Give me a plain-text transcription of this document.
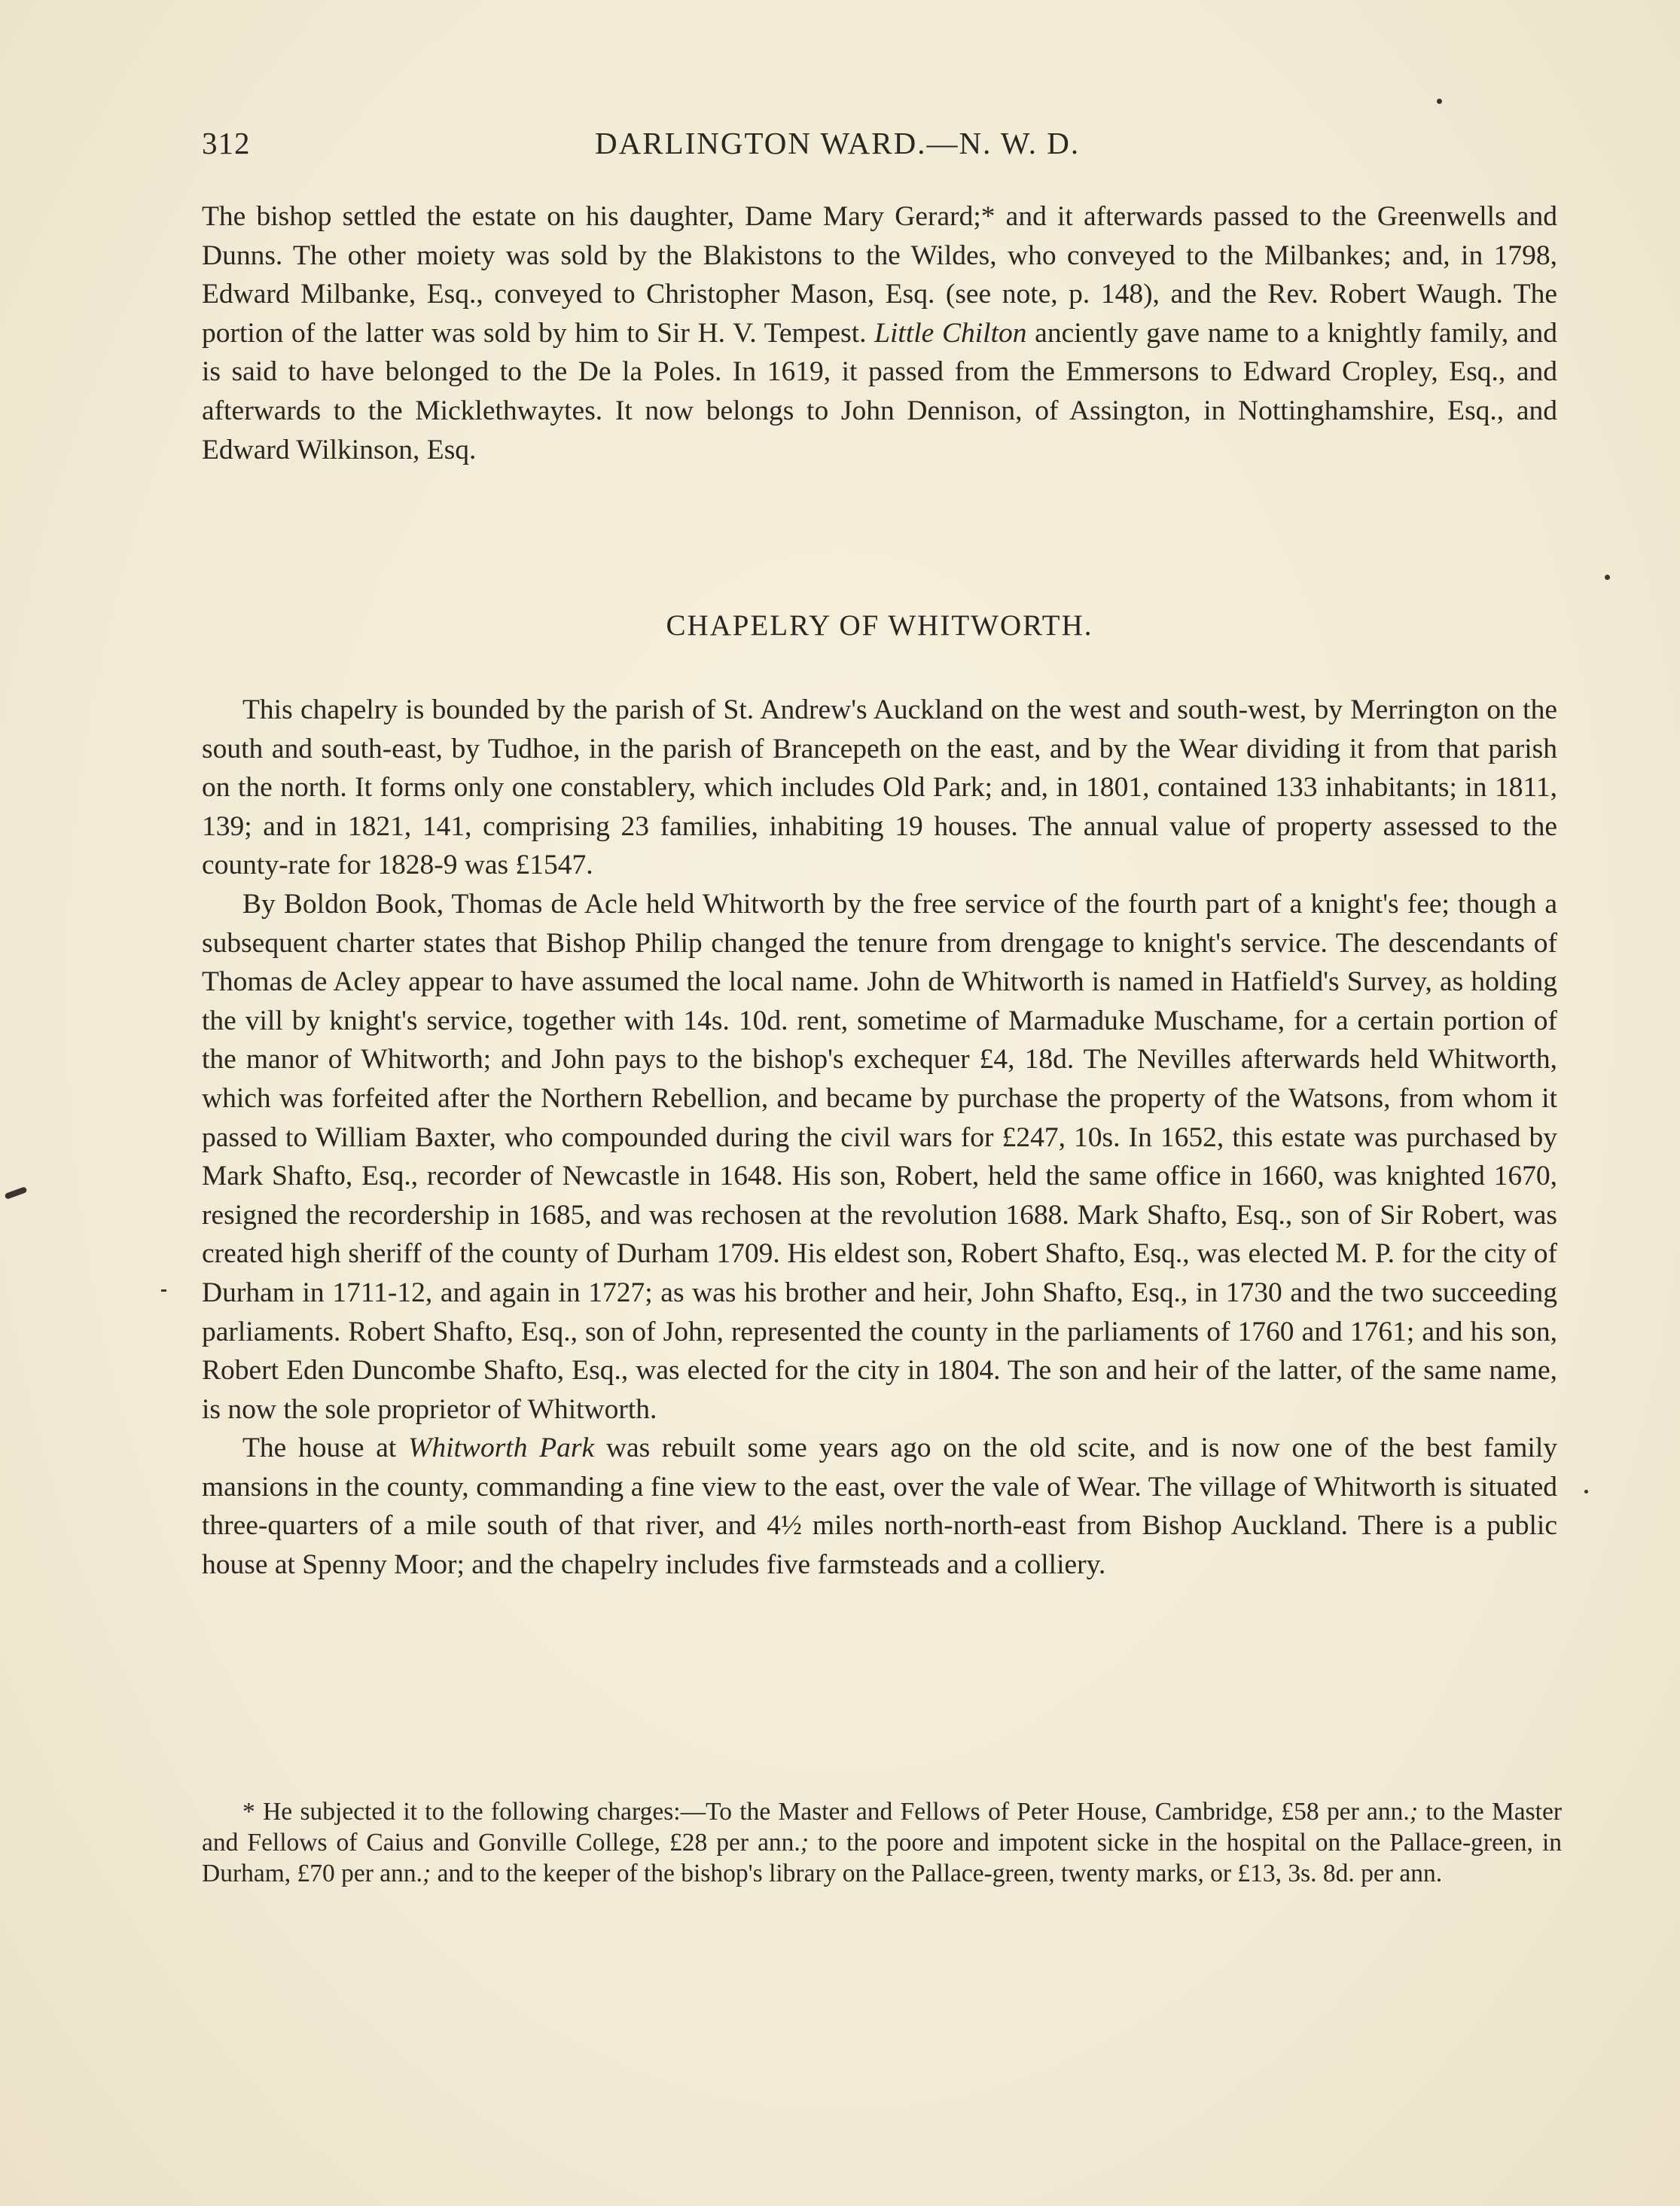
312	DARLINGTON WARD.—N. W. D.

The bishop settled the estate on his daughter, Dame Mary Gerard;* and it afterwards passed to the Greenwells and Dunns. The other moiety was sold by the Blakistons to the Wildes, who conveyed to the Milbankes; and, in 1798, Edward Milbanke, Esq., conveyed to Christopher Mason, Esq. (see note, p. 148), and the Rev. Robert Waugh. The portion of the latter was sold by him to Sir H. V. Tempest. Little Chilton anciently gave name to a knightly family, and is said to have belonged to the De la Poles. In 1619, it passed from the Emmersons to Edward Cropley, Esq., and afterwards to the Micklethwaytes. It now belongs to John Dennison, of Assington, in Nottinghamshire, Esq., and Edward Wilkinson, Esq.

CHAPELRY OF WHITWORTH.

This chapelry is bounded by the parish of St. Andrew's Auckland on the west and south-west, by Merrington on the south and south-east, by Tudhoe, in the parish of Brancepeth on the east, and by the Wear dividing it from that parish on the north. It forms only one constablery, which includes Old Park; and, in 1801, contained 133 inhabitants; in 1811, 139; and in 1821, 141, comprising 23 families, inhabiting 19 houses. The annual value of property assessed to the county-rate for 1828-9 was £1547.

By Boldon Book, Thomas de Acle held Whitworth by the free service of the fourth part of a knight's fee; though a subsequent charter states that Bishop Philip changed the tenure from drengage to knight's service. The descendants of Thomas de Acley appear to have assumed the local name. John de Whitworth is named in Hatfield's Survey, as holding the vill by knight's service, together with 14s. 10d. rent, sometime of Marmaduke Muschame, for a certain portion of the manor of Whitworth; and John pays to the bishop's exchequer £4, 18d. The Nevilles afterwards held Whitworth, which was forfeited after the Northern Rebellion, and became by purchase the property of the Watsons, from whom it passed to William Baxter, who compounded during the civil wars for £247, 10s. In 1652, this estate was purchased by Mark Shafto, Esq., recorder of Newcastle in 1648. His son, Robert, held the same office in 1660, was knighted 1670, resigned the recordership in 1685, and was rechosen at the revolution 1688. Mark Shafto, Esq., son of Sir Robert, was created high sheriff of the county of Durham 1709. His eldest son, Robert Shafto, Esq., was elected M. P. for the city of Durham in 1711-12, and again in 1727; as was his brother and heir, John Shafto, Esq., in 1730 and the two succeeding parliaments. Robert Shafto, Esq., son of John, represented the county in the parliaments of 1760 and 1761; and his son, Robert Eden Duncombe Shafto, Esq., was elected for the city in 1804. The son and heir of the latter, of the same name, is now the sole proprietor of Whitworth.

The house at Whitworth Park was rebuilt some years ago on the old scite, and is now one of the best family mansions in the county, commanding a fine view to the east, over the vale of Wear. The village of Whitworth is situated three-quarters of a mile south of that river, and 4½ miles north-north-east from Bishop Auckland. There is a public house at Spenny Moor; and the chapelry includes five farmsteads and a colliery.

* He subjected it to the following charges:—To the Master and Fellows of Peter House, Cambridge, £58 per ann.; to the Master and Fellows of Caius and Gonville College, £28 per ann.; to the poore and impotent sicke in the hospital on the Pallace-green, in Durham, £70 per ann.; and to the keeper of the bishop's library on the Pallace-green, twenty marks, or £13, 3s. 8d. per ann.
